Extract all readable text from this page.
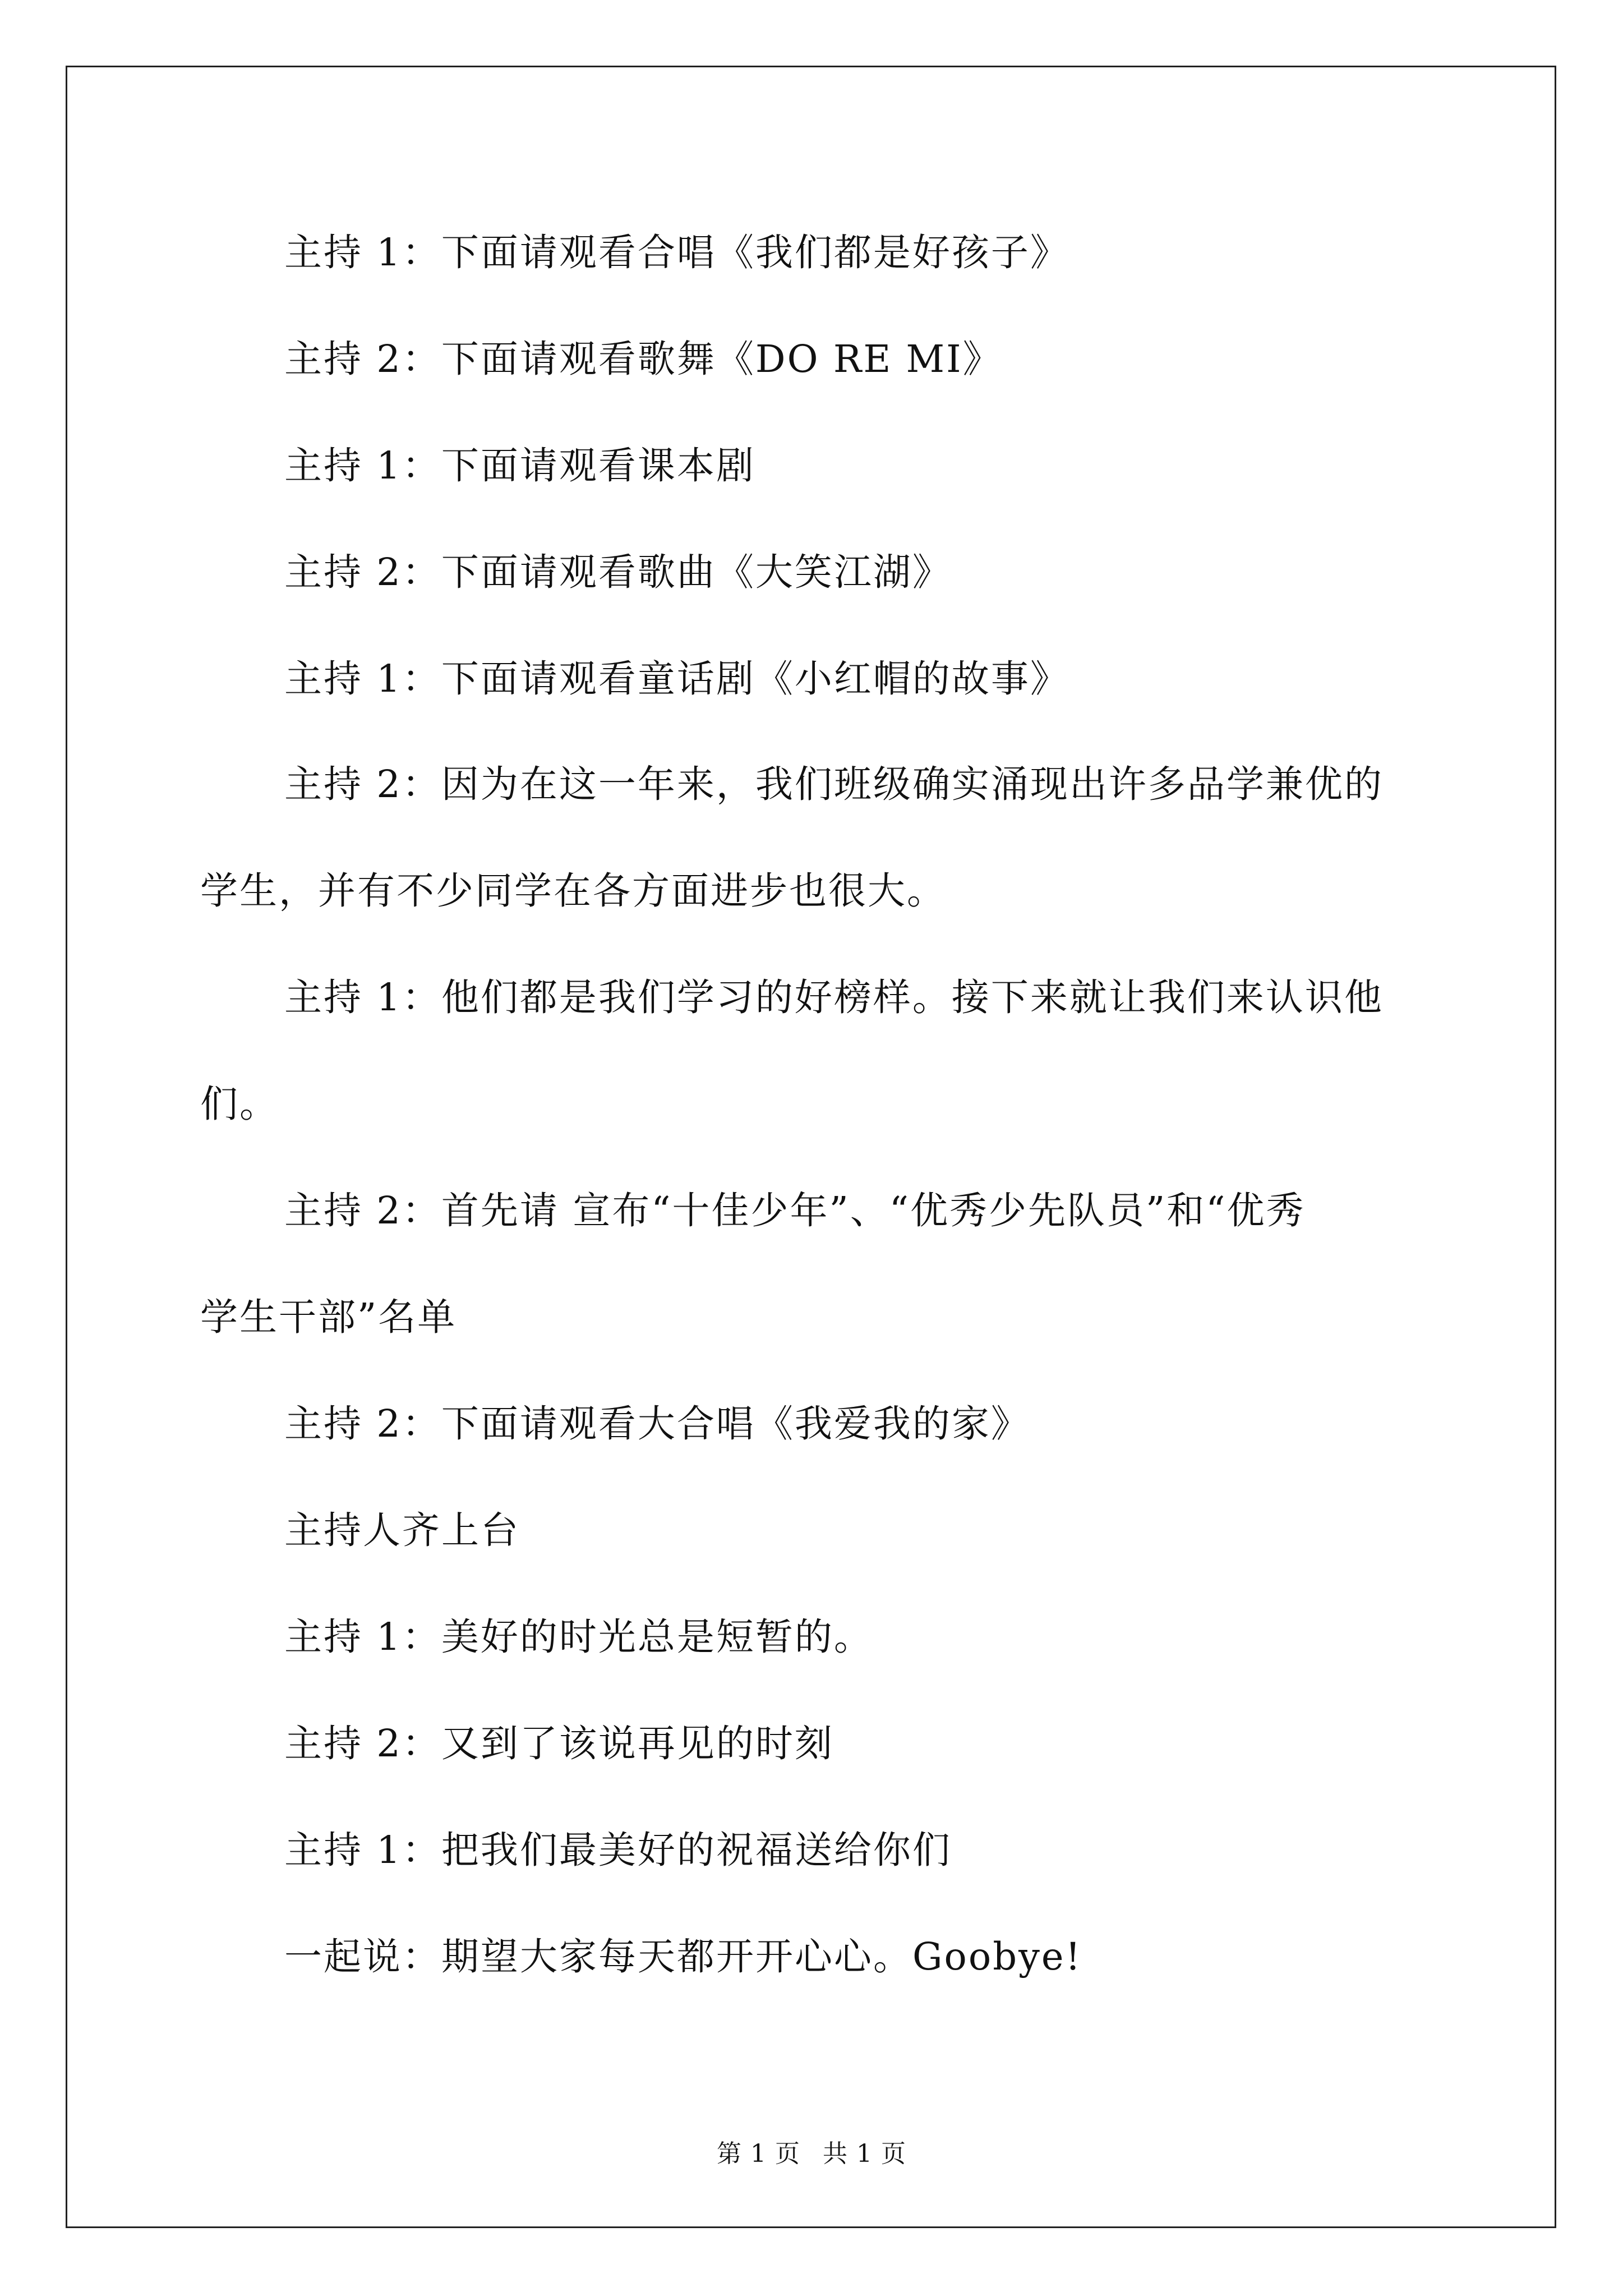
主持 1：下面请观看合唱《我们都是好孩子》
主持 2：下面请观看歌舞《DO RE MI》
主持 1：下面请观看课本剧
主持 2：下面请观看歌曲《大笑江湖》
主持 1：下面请观看童话剧《小红帽的故事》
主持 2：因为在这一年来，我们班级确实涌现出许多品学兼优的
学生，并有不少同学在各方面进步也很大。
主持 1：他们都是我们学习的好榜样。接下来就让我们来认识他
们。
主持 2：首先请 宣布“十佳少年”、“优秀少先队员”和“优秀
学生干部”名单
主持 2：下面请观看大合唱《我爱我的家》
主持人齐上台
主持 1：美好的时光总是短暂的。
主持 2：又到了该说再见的时刻
主持 1：把我们最美好的祝福送给你们
一起说：期望大家每天都开开心心。Goobye!
第 1 页 共 1 页
